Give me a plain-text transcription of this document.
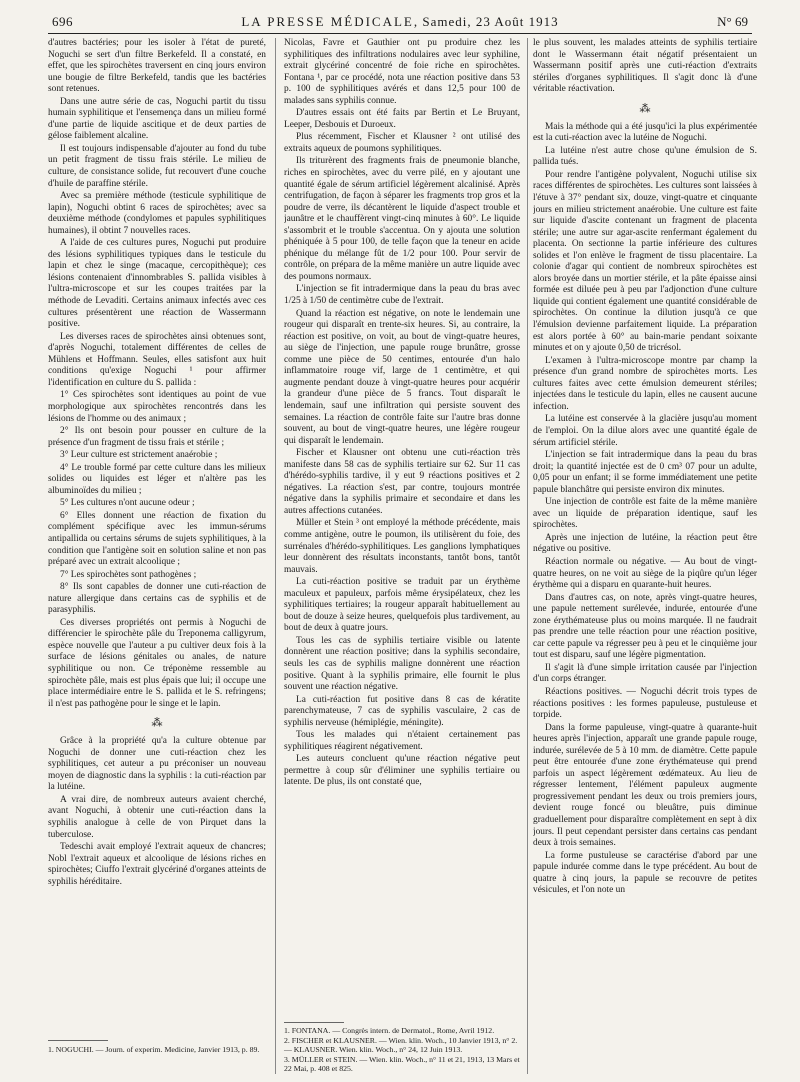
696	LA PRESSE MÉDICALE, Samedi, 23 Août 1913	N° 69

d'autres bactéries; pour les isoler à l'état de pureté, Noguchi se sert d'un filtre Berkefeld. Il a constaté, en effet, que les spirochètes traversent en cinq jours environ une bougie de filtre Berkefeld, tandis que les bactéries sont retenues.

Dans une autre série de cas, Noguchi partit du tissu humain syphilitique et l'ensemença dans un milieu formé d'une partie de liquide ascitique et de deux parties de gélose faiblement alcaline.

Il est toujours indispensable d'ajouter au fond du tube un petit fragment de tissu frais stérile. Le milieu de culture, de consistance solide, fut recouvert d'une couche d'huile de paraffine stérile.

Avec sa première méthode (testicule syphilitique de lapin), Noguchi obtint 6 races de spirochètes; avec sa deuxième méthode (condylomes et papules syphilitiques humaines), il obtint 7 nouvelles races.

A l'aide de ces cultures pures, Noguchi put produire des lésions syphilitiques typiques dans le testicule du lapin et chez le singe (macaque, cercopithèque); ces lésions contenaient d'innombrables S. pallida visibles à l'ultra-microscope et sur les coupes traitées par la méthode de Levaditi. Certains animaux infectés avec ces cultures présentèrent une réaction de Wassermann positive.

Les diverses races de spirochètes ainsi obtenues sont, d'après Noguchi, totalement différentes de celles de Mühlens et Hoffmann. Seules, elles satisfont aux huit conditions qu'exige Noguchi ¹ pour affirmer l'identification en culture du S. pallida :

1° Ces spirochètes sont identiques au point de vue morphologique aux spirochètes rencontrés dans les lésions de l'homme ou des animaux ;

2° Ils ont besoin pour pousser en culture de la présence d'un fragment de tissu frais et stérile ;

3° Leur culture est strictement anaérobie ;

4° Le trouble formé par cette culture dans les milieux solides ou liquides est léger et n'altère pas les albuminoïdes du milieu ;

5° Les cultures n'ont aucune odeur ;

6° Elles donnent une réaction de fixation du complément spécifique avec les immun-sérums antipallida ou certains sérums de sujets syphilitiques, à la condition que l'antigène soit en solution saline et non pas préparé avec un extrait alcoolique ;

7° Les spirochètes sont pathogènes ;

8° Ils sont capables de donner une cuti-réaction de nature allergique dans certains cas de syphilis et de parasyphilis.

Ces diverses propriétés ont permis à Noguchi de différencier le spirochète pâle du Treponema calligyrum, espèce nouvelle que l'auteur a pu cultiver deux fois à la surface de lésions génitales ou anales, de nature syphilitique ou non. Ce tréponème ressemble au spirochète pâle, mais est plus épais que lui; il occupe une place intermédiaire entre le S. pallida et le S. refringens; il n'est pas pathogène pour le singe et le lapin.

⁂

Grâce à la propriété qu'a la culture obtenue par Noguchi de donner une cuti-réaction chez les syphilitiques, cet auteur a pu préconiser un nouveau moyen de diagnostic dans la syphilis : la cuti-réaction par la lutéine.

A vrai dire, de nombreux auteurs avaient cherché, avant Noguchi, à obtenir une cuti-réaction dans la syphilis analogue à celle de von Pirquet dans la tuberculose.

Tedeschi avait employé l'extrait aqueux de chancres; Nobl l'extrait aqueux et alcoolique de lésions riches en spirochètes; Ciuffo l'extrait glycériné d'organes atteints de syphilis héréditaire.

1. NOGUCHI. — Journ. of experim. Medicine, Janvier 1913, p. 89.

Nicolas, Favre et Gauthier ont pu produire chez les syphilitiques des infiltrations nodulaires avec leur syphiline, extrait glycériné concentré de foie riche en spirochètes. Fontana ¹, par ce procédé, nota une réaction positive dans 53 p. 100 de syphilitiques avérés et dans 12,5 pour 100 de malades sans syphilis connue.

D'autres essais ont été faits par Bertin et Le Bruyant, Leeper, Desbouis et Duroeux.

Plus récemment, Fischer et Klausner ² ont utilisé des extraits aqueux de poumons syphilitiques.

Ils triturèrent des fragments frais de pneumonie blanche, riches en spirochètes, avec du verre pilé, en y ajoutant une quantité égale de sérum artificiel légèrement alcalinisé. Après centrifugation, de façon à séparer les fragments trop gros et la poudre de verre, ils décantèrent le liquide d'aspect trouble et jaunâtre et le chauffèrent vingt-cinq minutes à 60°. Le liquide s'assombrit et le trouble s'accentua. On y ajouta une solution phéniquée à 5 pour 100, de telle façon que la teneur en acide phénique du mélange fût de 1/2 pour 100. Pour servir de contrôle, on prépara de la même manière un autre liquide avec des poumons normaux.

L'injection se fit intradermique dans la peau du bras avec 1/25 à 1/50 de centimètre cube de l'extrait.

Quand la réaction est négative, on note le lendemain une rougeur qui disparaît en trente-six heures. Si, au contraire, la réaction est positive, on voit, au bout de vingt-quatre heures, au siège de l'injection, une papule rouge brunâtre, grosse comme une pièce de 50 centimes, entourée d'un halo inflammatoire rouge vif, large de 1 centimètre, et qui augmente pendant douze à vingt-quatre heures pour acquérir la grandeur d'une pièce de 5 francs. Tout disparaît le lendemain, sauf une infiltration qui persiste souvent des semaines. La réaction de contrôle faite sur l'autre bras donne souvent, au bout de vingt-quatre heures, une légère rougeur qui disparaît le lendemain.

Fischer et Klausner ont obtenu une cuti-réaction très manifeste dans 58 cas de syphilis tertiaire sur 62. Sur 11 cas d'hérédo-syphilis tardive, il y eut 9 réactions positives et 2 négatives. La réaction s'est, par contre, toujours montrée négative dans la syphilis primaire et secondaire et dans les autres affections cutanées.

Müller et Stein ³ ont employé la méthode précédente, mais comme antigène, outre le poumon, ils utilisèrent du foie, des surrénales d'hérédo-syphilitiques. Les ganglions lymphatiques leur donnèrent des résultats inconstants, tantôt bons, tantôt mauvais.

La cuti-réaction positive se traduit par un érythème maculeux et papuleux, parfois même érysipélateux, chez les syphilitiques tertiaires; la rougeur apparaît habituellement au bout de douze à seize heures, quelquefois plus tardivement, au bout de deux à quatre jours.

Tous les cas de syphilis tertiaire visible ou latente donnèrent une réaction positive; dans la syphilis secondaire, seuls les cas de syphilis maligne donnèrent une réaction positive. Quant à la syphilis primaire, elle fournit le plus souvent une réaction négative.

La cuti-réaction fut positive dans 8 cas de kératite parenchymateuse, 7 cas de syphilis vasculaire, 2 cas de syphilis nerveuse (hémiplégie, méningite).

Tous les malades qui n'étaient certainement pas syphilitiques réagirent négativement.

Les auteurs concluent qu'une réaction négative peut permettre à coup sûr d'éliminer une syphilis tertiaire ou latente. De plus, ils ont constaté que,

1. FONTANA. — Congrès intern. de Dermatol., Rome, Avril 1912.
2. FISCHER et KLAUSNER. — Wien. klin. Woch., 10 Janvier 1913, n° 2. — KLAUSNER. Wien. klin. Woch., n° 24, 12 Juin 1913.
3. MÜLLER et STEIN. — Wien. klin. Woch., n° 11 et 21, 1913, 13 Mars et 22 Mai, p. 408 et 825.

le plus souvent, les malades atteints de syphilis tertiaire dont le Wassermann était négatif présentaient un Wassermann positif après une cuti-réaction d'extraits stériles d'organes syphilitiques. Il s'agit donc là d'une véritable réactivation.

⁂

Mais la méthode qui a été jusqu'ici la plus expérimentée est la cuti-réaction avec la lutéine de Noguchi.

La lutéine n'est autre chose qu'une émulsion de S. pallida tués.

Pour rendre l'antigène polyvalent, Noguchi utilise six races différentes de spirochètes. Les cultures sont laissées à l'étuve à 37° pendant six, douze, vingt-quatre et cinquante jours en milieu strictement anaérobie. Une culture est faite sur liquide d'ascite contenant un fragment de placenta stérile; une autre sur agar-ascite renfermant également du placenta. On sectionne la partie inférieure des cultures solides et l'on enlève le fragment de tissu placentaire. La colonie d'agar qui contient de nombreux spirochètes est alors broyée dans un mortier stérile, et la pâte épaisse ainsi formée est diluée peu à peu par l'adjonction d'une culture liquide qui contient également une quantité considérable de spirochètes. On continue la dilution jusqu'à ce que l'émulsion devienne parfaitement liquide. La préparation est alors portée à 60° au bain-marie pendant soixante minutes et on y ajoute 0,50 de tricrésol.

L'examen à l'ultra-microscope montre par champ la présence d'un grand nombre de spirochètes morts. Les cultures faites avec cette émulsion demeurent stériles; injectées dans le testicule du lapin, elles ne causent aucune infection.

La lutéine est conservée à la glacière jusqu'au moment de l'emploi. On la dilue alors avec une quantité égale de sérum artificiel stérile.

L'injection se fait intradermique dans la peau du bras droit; la quantité injectée est de 0 cm³ 07 pour un adulte, 0,05 pour un enfant; il se forme immédiatement une petite papule blanchâtre qui persiste environ dix minutes.

Une injection de contrôle est faite de la même manière avec un liquide de préparation identique, sauf les spirochètes.

Après une injection de lutéine, la réaction peut être négative ou positive.

Réaction normale ou négative. — Au bout de vingt-quatre heures, on ne voit au siège de la piqûre qu'un léger érythème qui a disparu en quarante-huit heures.

Dans d'autres cas, on note, après vingt-quatre heures, une papule nettement surélevée, indurée, entourée d'une zone érythémateuse plus ou moins marquée. Il ne faudrait pas prendre une telle réaction pour une réaction positive, car cette papule va régresser peu à peu et le cinquième jour tout est disparu, sauf une légère pigmentation.

Il s'agit là d'une simple irritation causée par l'injection d'un corps étranger.

Réactions positives. — Noguchi décrit trois types de réactions positives : les formes papuleuse, pustuleuse et torpide.

Dans la forme papuleuse, vingt-quatre à quarante-huit heures après l'injection, apparaît une grande papule rouge, indurée, surélevée de 5 à 10 mm. de diamètre. Cette papule peut être entourée d'une zone érythémateuse qui prend parfois un aspect légèrement œdémateux. Au lieu de régresser lentement, l'élément papuleux augmente progressivement pendant les deux ou trois premiers jours, devient rouge foncé ou bleuâtre, puis diminue graduellement pour disparaître complètement en sept à dix jours. Il peut cependant persister dans certains cas pendant deux à trois semaines.

La forme pustuleuse se caractérise d'abord par une papule indurée comme dans le type précédent. Au bout de quatre à cinq jours, la papule se recouvre de petites vésicules, et l'on note un
